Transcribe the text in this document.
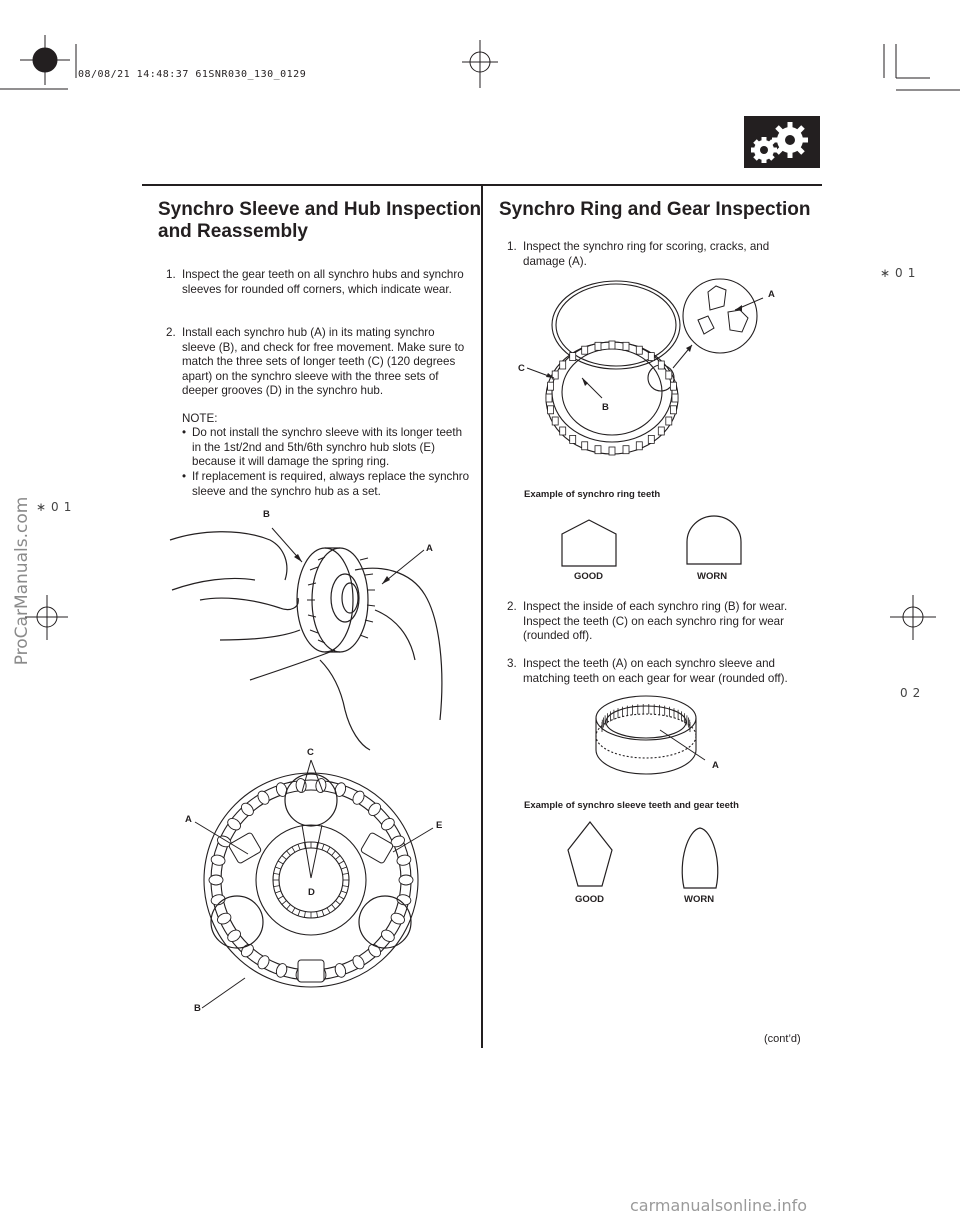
08/08/21 14:48:37 61SNR030_130_0129
Synchro Sleeve and Hub Inspection and Reassembly
1. Inspect the gear teeth on all synchro hubs and synchro sleeves for rounded off corners, which indicate wear.
2. Install each synchro hub (A) in its mating synchro sleeve (B), and check for free movement. Make sure to match the three sets of longer teeth (C) (120 degrees apart) on the synchro sleeve with the three sets of deeper grooves (D) in the synchro hub.
NOTE:
• Do not install the synchro sleeve with its longer teeth in the 1st/2nd and 5th/6th synchro hub slots (E) because it will damage the spring ring.
• If replacement is required, always replace the synchro sleeve and the synchro hub as a set.
B
A
C
A
E
D
B
Synchro Ring and Gear Inspection
1. Inspect the synchro ring for scoring, cracks, and damage (A).
A
C
B
Example of synchro ring teeth
GOOD	WORN
2. Inspect the inside of each synchro ring (B) for wear. Inspect the teeth (C) on each synchro ring for wear (rounded off).
3. Inspect the teeth (A) on each synchro sleeve and matching teeth on each gear for wear (rounded off).
A
Example of synchro sleeve teeth and gear teeth
GOOD	WORN
(cont’d)
∗01
∗01
02
ProCarManuals.com
carmanualsonline.info
